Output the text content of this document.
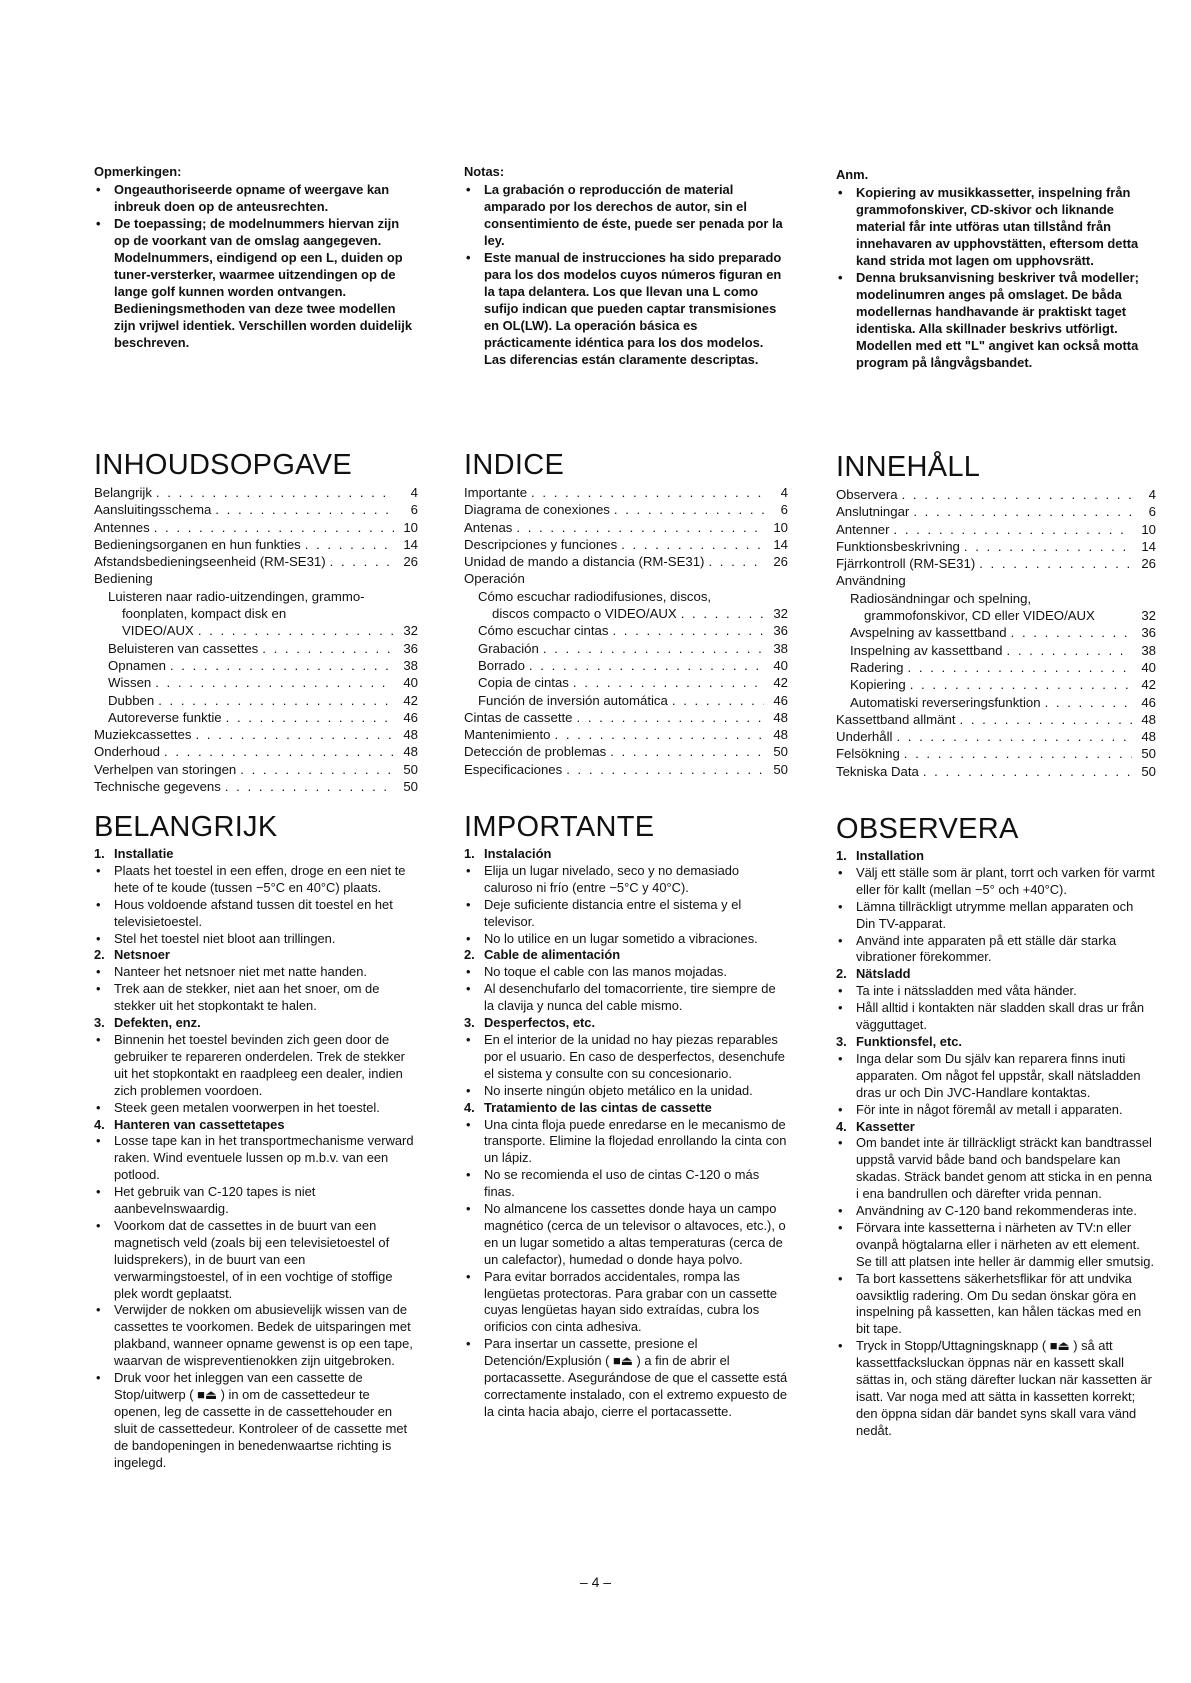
Opmerkingen:
• Ongeauthoriseerde opname of weergave kan inbreuk doen op de anteusrechten.
• De toepassing; de modelnummers hiervan zijn op de voorkant van de omslag aangegeven. Modelnummers, eindigend op een L, duiden op tuner-versterker, waarmee uitzendingen op de lange golf kunnen worden ontvangen. Bedieningsmethoden van deze twee modellen zijn vrijwel identiek. Verschillen worden duidelijk beschreven.
INHOUDSOPGAVE
Belangrijk . . .	4
Aansluitingsschema . . .	6
Antennes . . .	10
Bedieningsorganen en hun funkties . . .	14
Afstandsbedieningseenheid (RM-SE31) . . .	26
Bediening
Luisteren naar radio-uitzendingen, grammo-
foonplaten, kompact disk en
VIDEO/AUX . . .	32
Beluisteren van cassettes . . .	36
Opnamen . . .	38
Wissen . . .	40
Dubben . . .	42
Autoreverse funktie . . .	46
Muziekcassettes . . .	48
Onderhoud . . .	48
Verhelpen van storingen . . .	50
Technische gegevens . . .	50
BELANGRIJK
1. Installatie
• Plaats het toestel in een effen, droge en een niet te hete of te koude (tussen −5°C en 40°C) plaats.
• Hous voldoende afstand tussen dit toestel en het televisietoestel.
• Stel het toestel niet bloot aan trillingen.
2. Netsnoer
• Nanteer het netsnoer niet met natte handen.
• Trek aan de stekker, niet aan het snoer, om de stekker uit het stopkontakt te halen.
3. Defekten, enz.
• Binnenin het toestel bevinden zich geen door de gebruiker te repareren onderdelen. Trek de stekker uit het stopkontakt en raadpleeg een dealer, indien zich problemen voordoen.
• Steek geen metalen voorwerpen in het toestel.
4. Hanteren van cassettetapes
• Losse tape kan in het transportmechanisme verward raken. Wind eventuele lussen op m.b.v. van een potlood.
• Het gebruik van C-120 tapes is niet aanbevelnswaardig.
• Voorkom dat de cassettes in de buurt van een magnetisch veld (zoals bij een televisietoestel of luidsprekers), in de buurt van een verwarmingstoestel, of in een vochtige of stoffige plek wordt geplaatst.
• Verwijder de nokken om abusievelijk wissen van de cassettes te voorkomen. Bedek de uitsparingen met plakband, wanneer opname gewenst is op een tape, waarvan de wispreventienokken zijn uitgebroken.
• Druk voor het inleggen van een cassette de Stop/uitwerp ( ■⏏ ) in om de cassettedeur te openen, leg de cassette in de cassettehouder en sluit de cassettedeur. Kontroleer of de cassette met de bandopeningen in benedenwaartse richting is ingelegd.
Notas:
• La grabación o reproducción de material amparado por los derechos de autor, sin el consentimiento de éste, puede ser penada por la ley.
• Este manual de instrucciones ha sido preparado para los dos modelos cuyos números figuran en la tapa delantera. Los que llevan una L como sufijo indican que pueden captar transmisiones en OL(LW). La operación básica es prácticamente idéntica para los dos modelos. Las diferencias están claramente descriptas.
INDICE
Importante . . .	4
Diagrama de conexiones . . .	6
Antenas . . .	10
Descripciones y funciones . . .	14
Unidad de mando a distancia (RM-SE31) . . .	26
Operación
Cómo escuchar radiodifusiones, discos,
discos compacto o VIDEO/AUX . . .	32
Cómo escuchar cintas . . .	36
Grabación . . .	38
Borrado . . .	40
Copia de cintas . . .	42
Función de inversión automática . . .	46
Cintas de cassette . . .	48
Mantenimiento . . .	48
Detección de problemas . . .	50
Especificaciones . . .	50
IMPORTANTE
1. Instalación
• Elija un lugar nivelado, seco y no demasiado caluroso ni frío (entre −5°C y 40°C).
• Deje suficiente distancia entre el sistema y el televisor.
• No lo utilice en un lugar sometido a vibraciones.
2. Cable de alimentación
• No toque el cable con las manos mojadas.
• Al desenchufarlo del tomacorriente, tire siempre de la clavija y nunca del cable mismo.
3. Desperfectos, etc.
• En el interior de la unidad no hay piezas reparables por el usuario. En caso de desperfectos, desenchufe el sistema y consulte con su concesionario.
• No inserte ningún objeto metálico en la unidad.
4. Tratamiento de las cintas de cassette
• Una cinta floja puede enredarse en le mecanismo de transporte. Elimine la flojedad enrollando la cinta con un lápiz.
• No se recomienda el uso de cintas C-120 o más finas.
• No almancene los cassettes donde haya un campo magnético (cerca de un televisor o altavoces, etc.), o en un lugar sometido a altas temperaturas (cerca de un calefactor), humedad o donde haya polvo.
• Para evitar borrados accidentales, rompa las lengüetas protectoras. Para grabar con un cassette cuyas lengüetas hayan sido extraídas, cubra los orificios con cinta adhesiva.
• Para insertar un cassette, presione el Detención/Explusión ( ■⏏ ) a fin de abrir el portacassette. Asegurándose de que el cassette está correctamente instalado, con el extremo expuesto de la cinta hacia abajo, cierre el portacassette.
Anm.
• Kopiering av musikkassetter, inspelning från grammofonskiver, CD-skivor och liknande material får inte utföras utan tillstånd från innehavaren av upphovstätten, eftersom detta kand strida mot lagen om upphovsrätt.
• Denna bruksanvisning beskriver två modeller; modelinumren anges på omslaget. De båda modellernas handhavande är praktiskt taget identiska. Alla skillnader beskrivs utförligt. Modellen med ett "L" angivet kan också motta program på långvågsbandet.
INNEHÅLL
Observera . . .	4
Anslutningar . . .	6
Antenner . . .	10
Funktionsbeskrivning . . .	14
Fjärrkontroll (RM-SE31) . . .	26
Användning
Radiosändningar och spelning,
grammofonskivor, CD eller VIDEO/AUX	32
Avspelning av kassettband . . .	36
Inspelning av kassettband . . .	38
Radering . . .	40
Kopiering . . .	42
Automatiski reverseringsfunktion . . .	46
Kassettband allmänt . . .	48
Underhåll . . .	48
Felsökning . . .	50
Tekniska Data . . .	50
OBSERVERA
1. Installation
• Välj ett ställe som är plant, torrt och varken för varmt eller för kallt (mellan −5° och +40°C).
• Lämna tillräckligt utrymme mellan apparaten och Din TV-apparat.
• Använd inte apparaten på ett ställe där starka vibrationer förekommer.
2. Nätsladd
• Ta inte i nätssladden med våta händer.
• Håll alltid i kontakten när sladden skall dras ur från vägguttaget.
3. Funktionsfel, etc.
• Inga delar som Du själv kan reparera finns inuti apparaten. Om något fel uppstår, skall nätsladden dras ur och Din JVC-Handlare kontaktas.
• För inte in något föremål av metall i apparaten.
4. Kassetter
• Om bandet inte är tillräckligt sträckt kan bandtrassel uppstå varvid både band och bandspelare kan skadas. Sträck bandet genom att sticka in en penna i ena bandrullen och därefter vrida pennan.
• Användning av C-120 band rekommenderas inte.
• Förvara inte kassetterna i närheten av TV:n eller ovanpå högtalarna eller i närheten av ett element. Se till att platsen inte heller är dammig eller smutsig.
• Ta bort kassettens säkerhetsflikar för att undvika oavsiktlig radering. Om Du sedan önskar göra en inspelning på kassetten, kan hålen täckas med en bit tape.
• Tryck in Stopp/Uttagningsknapp ( ■⏏ ) så att kassettfacksluckan öppnas när en kassett skall sättas in, och stäng därefter luckan när kassetten är isatt. Var noga med att sätta in kassetten korrekt; den öppna sidan där bandet syns skall vara vänd nedåt.
– 4 –
